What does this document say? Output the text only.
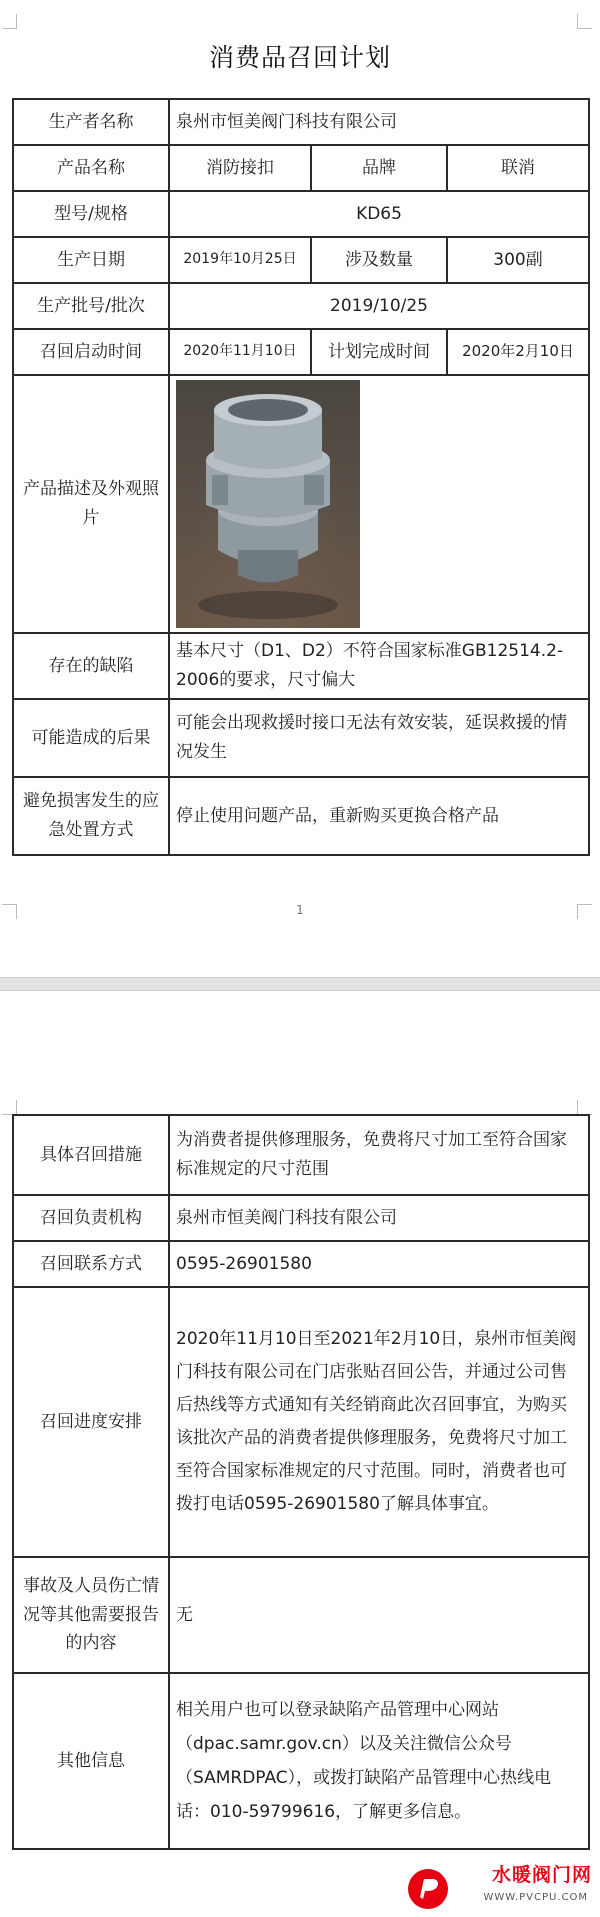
消费品召回计划
生产者名称	泉州市恒美阀门科技有限公司		
产品名称	消防接扣	品牌	联消
型号/规格	KD65		
生产日期	2019年10月25日	涉及数量	300副
生产批号/批次	2019/10/25		
召回启动时间	2020年11月10日	计划完成时间	2020年2月10日
产品描述及外观照片	

存在的缺陷	基本尺寸（D1、D2）不符合国家标准GB12514.2-2006的要求，尺寸偏大		
可能造成的后果	可能会出现救援时接口无法有效安装，延误救援的情况发生		
避免损害发生的应急处置方式	停止使用问题产品，重新购买更换合格产品		
1
具体召回措施	为消费者提供修理服务，免费将尺寸加工至符合国家标准规定的尺寸范围
召回负责机构	泉州市恒美阀门科技有限公司
召回联系方式	0595-26901580
召回进度安排	2020年11月10日至2021年2月10日，泉州市恒美阀门科技有限公司在门店张贴召回公告，并通过公司售后热线等方式通知有关经销商此次召回事宜，为购买该批次产品的消费者提供修理服务，免费将尺寸加工至符合国家标准规定的尺寸范围。同时，消费者也可拨打电话0595-26901580了解具体事宜。
事故及人员伤亡情况等其他需要报告的内容	无
其他信息	相关用户也可以登录缺陷产品管理中心网站（dpac.samr.gov.cn）以及关注微信公众号（SAMRDPAC），或拨打缺陷产品管理中心热线电话：010-59799616，了解更多信息。
水暖阀门网
WWW.PVCPU.COM
